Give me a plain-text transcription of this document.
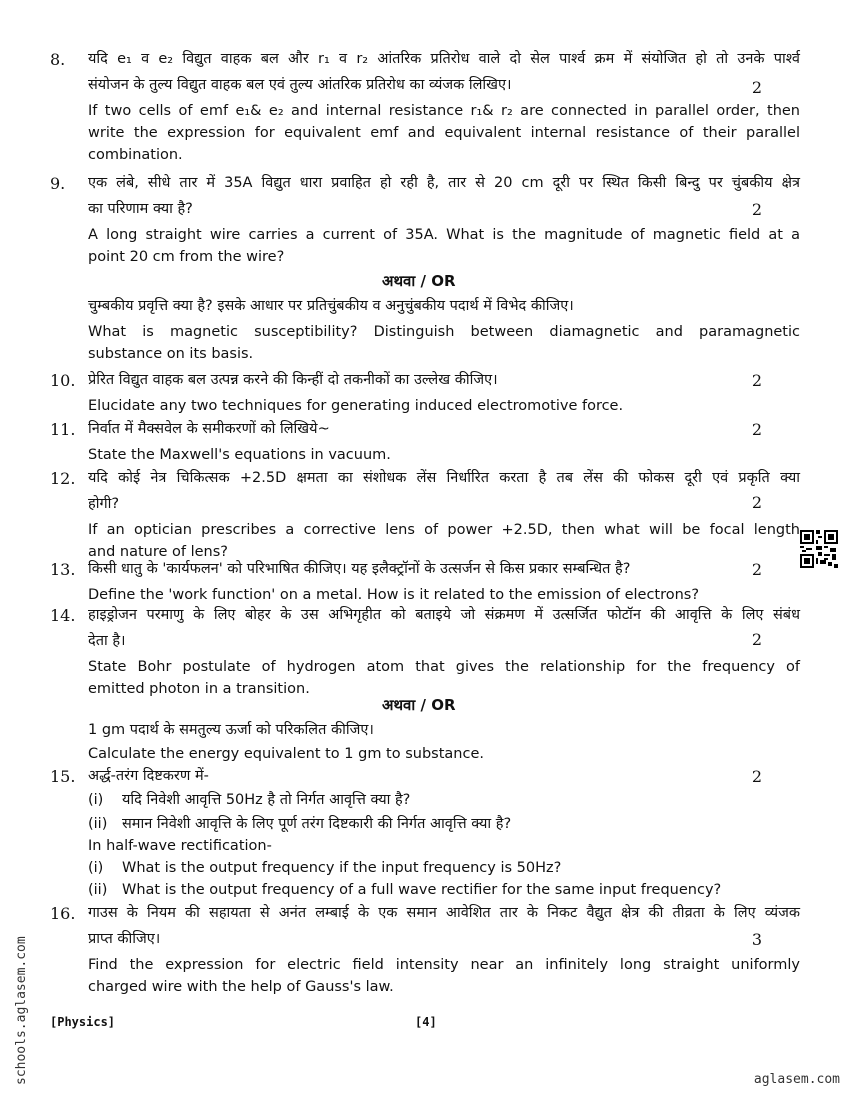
8. यदि e₁ व e₂ विद्युत वाहक बल और r₁ व r₂ आंतरिक प्रतिरोध वाले दो सेल पार्श्व क्रम में संयोजित हो तो उनके पार्श्व

संयोजन के तुल्य विद्युत वाहक बल एवं तुल्य आंतरिक प्रतिरोध का व्यंजक लिखिए।

If two cells of emf e₁& e₂ and internal resistance r₁& r₂ are connected in parallel order, then

write the expression for equivalent emf and equivalent internal resistance of their parallel

combination.

2
9. एक लंबे, सीधे तार में 35A विद्युत धारा प्रवाहित हो रही है, तार से 20 cm दूरी पर स्थित किसी बिन्दु पर चुंबकीय क्षेत्र

का परिणाम क्या है?

A long straight wire carries a current of 35A. What is the magnitude of magnetic field at a

point 20 cm from the wire?

2
अथवा / OR

चुम्बकीय प्रवृत्ति क्या है? इसके आधार पर प्रतिचुंबकीय व अनुचुंबकीय पदार्थ में विभेद कीजिए।

What is magnetic susceptibility? Distinguish between diamagnetic and paramagnetic

substance on its basis.

10. प्रेरित विद्युत वाहक बल उत्पन्न करने की किन्हीं दो तकनीकों का उल्लेख कीजिए।

Elucidate any two techniques for generating induced electromotive force.

2
11. निर्वात में मैक्सवेल के समीकरणों को लिखिये~

State the Maxwell's equations in vacuum.

2
12. यदि कोई नेत्र चिकित्सक +2.5D क्षमता का संशोधक लेंस निर्धारित करता है तब लेंस की फोकस दूरी एवं प्रकृति क्या

होगी?

If an optician prescribes a corrective lens of power +2.5D, then what will be focal length

and nature of lens?

2
13. किसी धातु के 'कार्यफलन' को परिभाषित कीजिए। यह इलैक्ट्रॉनों के उत्सर्जन से किस प्रकार सम्बन्धित है?

Define the 'work function' on a metal. How is it related to the emission of electrons?

2
14. हाइड्रोजन परमाणु के लिए बोहर के उस अभिगृहीत को बताइये जो संक्रमण में उत्सर्जित फोटॉन की आवृत्ति के लिए संबंध

देता है।

State Bohr postulate of hydrogen atom that gives the relationship for the frequency of

emitted photon in a transition.

2
अथवा / OR

1 gm पदार्थ के समतुल्य ऊर्जा को परिकलित कीजिए।

Calculate the energy equivalent to 1 gm to substance.

15. अर्द्ध-तरंग दिष्टकरण में-

(i) यदि निवेशी आवृत्ति 50Hz है तो निर्गत आवृत्ति क्या है?

(ii) समान निवेशी आवृत्ति के लिए पूर्ण तरंग दिष्टकारी की निर्गत आवृत्ति क्या है?

In half-wave rectification-

(i) What is the output frequency if the input frequency is 50Hz?

(ii) What is the output frequency of a full wave rectifier for the same input frequency?

2
16. गाउस के नियम की सहायता से अनंत लम्बाई के एक समान आवेशित तार के निकट वैद्युत क्षेत्र की तीव्रता के लिए व्यंजक

प्राप्त कीजिए।

Find the expression for electric field intensity near an infinitely long straight uniformly

charged wire with the help of Gauss's law.

3
[Physics]	[4]
schools.aglasem.com	aglasem.com
